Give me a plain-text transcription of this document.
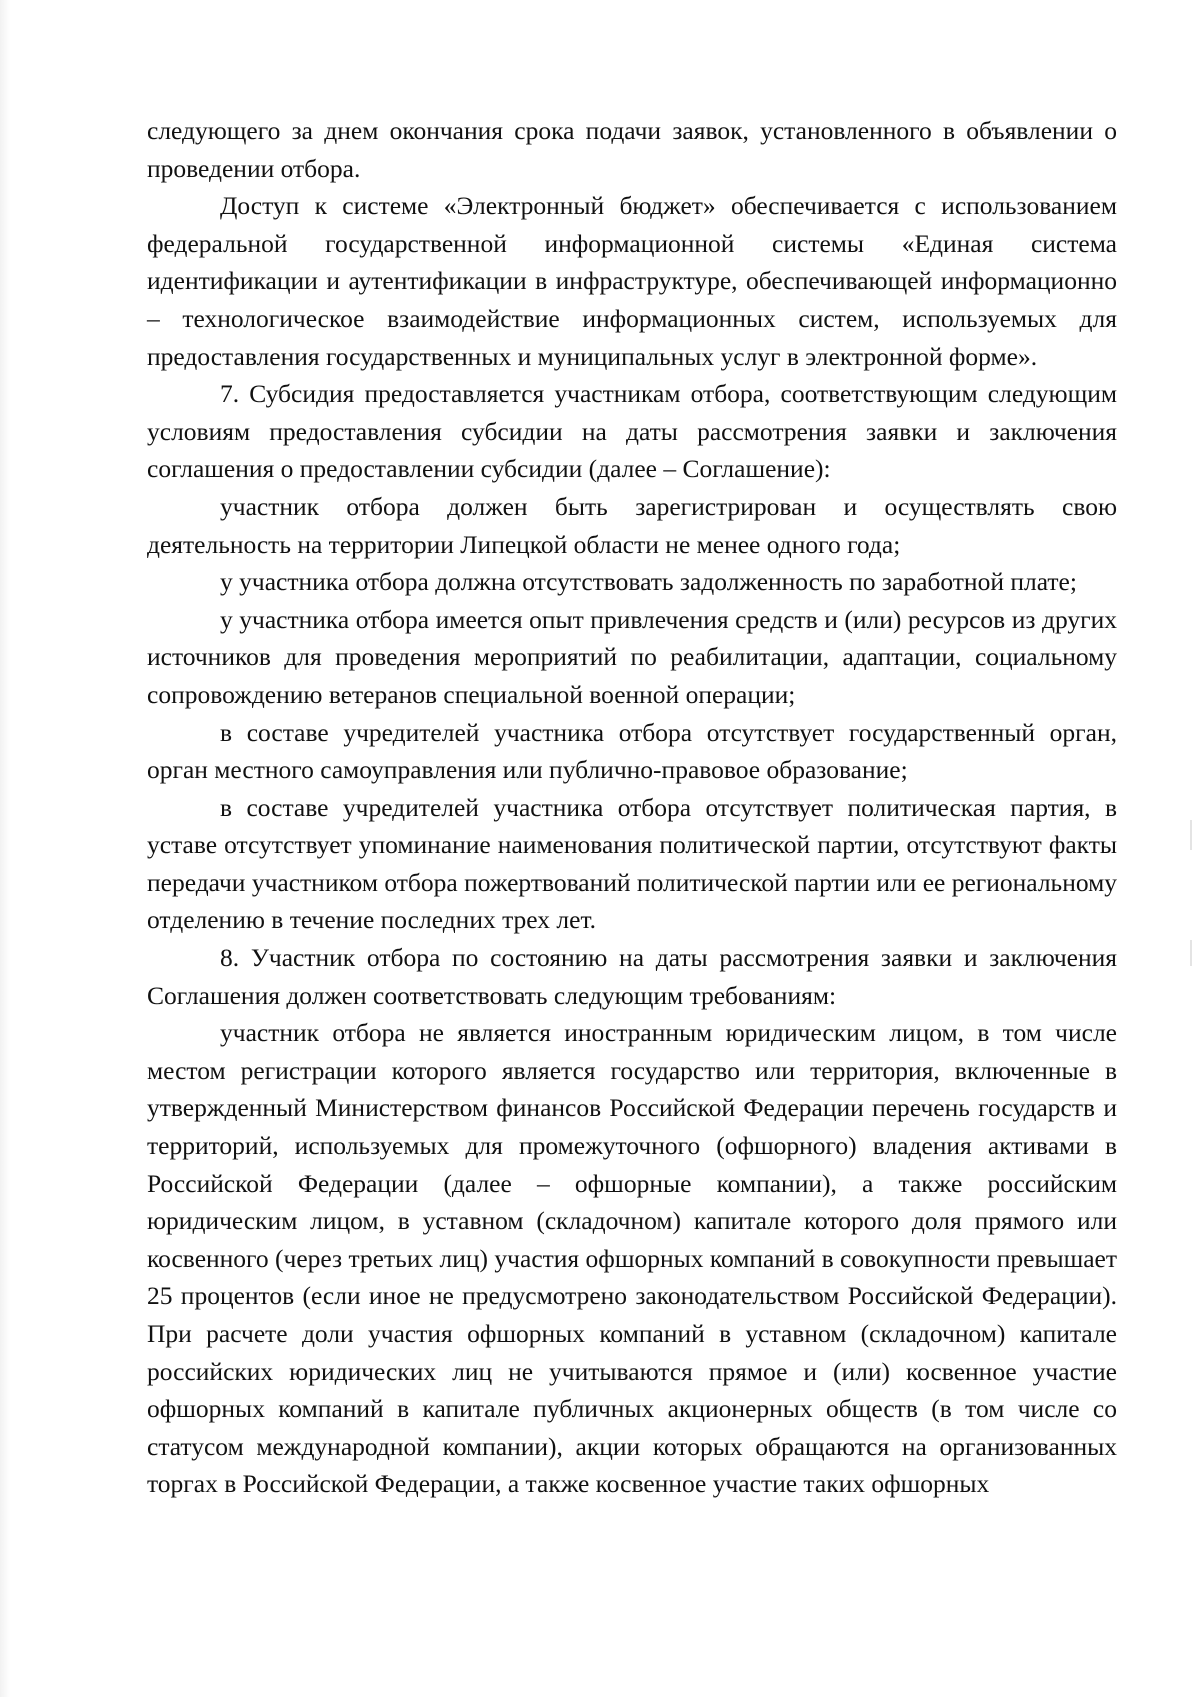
следующего за днем окончания срока подачи заявок, установленного в объявлении о проведении отбора.

Доступ к системе «Электронный бюджет» обеспечивается с использованием федеральной государственной информационной системы «Единая система идентификации и аутентификации в инфраструктуре, обеспечивающей информационно – технологическое взаимодействие информационных систем, используемых для предоставления государственных и муниципальных услуг в электронной форме».

7. Субсидия предоставляется участникам отбора, соответствующим следующим условиям предоставления субсидии на даты рассмотрения заявки и заключения соглашения о предоставлении субсидии (далее – Соглашение):

участник отбора должен быть зарегистрирован и осуществлять свою деятельность на территории Липецкой области не менее одного года;

у участника отбора должна отсутствовать задолженность по заработной плате;

у участника отбора имеется опыт привлечения средств и (или) ресурсов из других источников для проведения мероприятий по реабилитации, адаптации, социальному сопровождению ветеранов специальной военной операции;

в составе учредителей участника отбора отсутствует государственный орган, орган местного самоуправления или публично-правовое образование;

в составе учредителей участника отбора отсутствует политическая партия, в уставе отсутствует упоминание наименования политической партии, отсутствуют факты передачи участником отбора пожертвований политической партии или ее региональному отделению в течение последних трех лет.

8. Участник отбора по состоянию на даты рассмотрения заявки и заключения Соглашения должен соответствовать следующим требованиям:

участник отбора не является иностранным юридическим лицом, в том числе местом регистрации которого является государство или территория, включенные в утвержденный Министерством финансов Российской Федерации перечень государств и территорий, используемых для промежуточного (офшорного) владения активами в Российской Федерации (далее – офшорные компании), а также российским юридическим лицом, в уставном (складочном) капитале которого доля прямого или косвенного (через третьих лиц) участия офшорных компаний в совокупности превышает 25 процентов (если иное не предусмотрено законодательством Российской Федерации). При расчете доли участия офшорных компаний в уставном (складочном) капитале российских юридических лиц не учитываются прямое и (или) косвенное участие офшорных компаний в капитале публичных акционерных обществ (в том числе со статусом международной компании), акции которых обращаются на организованных торгах в Российской Федерации, а также косвенное участие таких офшорных
